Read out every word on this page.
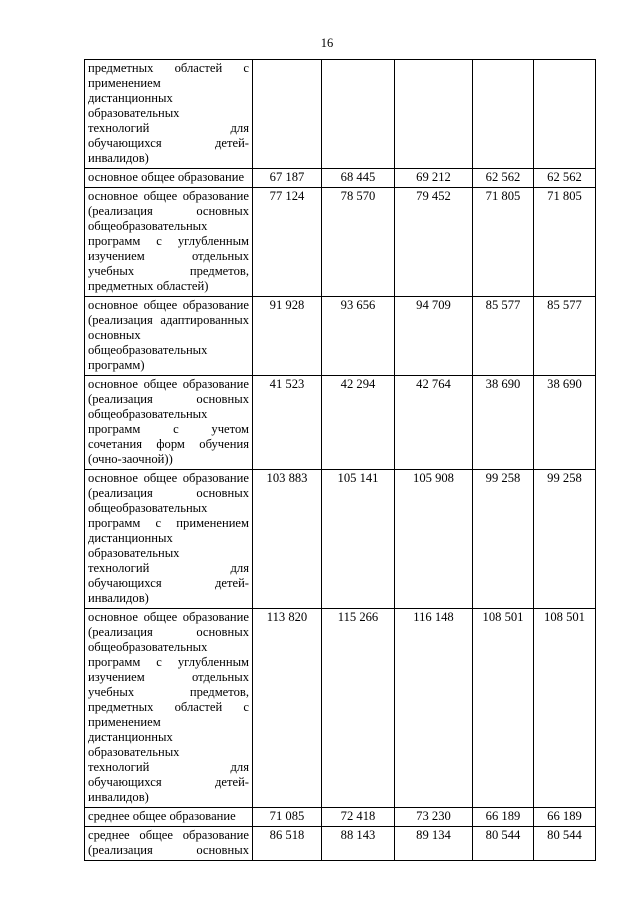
16
предметных областей с
применением
дистанционных
образовательных
технологий для
обучающихся детей-
инвалидов)

основное общее образование	67 187	68 445	69 212	62 562	62 562

основное общее образование
(реализация основных
общеобразовательных
программ с углубленным
изучением отдельных
учебных предметов,
предметных областей)
	77 124	78 570	79 452	71 805	71 805

основное общее образование
(реализация адаптированных
основных
общеобразовательных
программ)	91 928	93 656	94 709	85 577	85 577

основное общее образование
(реализация основных
общеобразовательных
программ с учетом
сочетания форм обучения
(очно-заочной))
	41 523	42 294	42 764	38 690	38 690

основное общее образование
(реализация основных
общеобразовательных
программ с применением
дистанционных
образовательных
технологий для
обучающихся детей-
инвалидов)
	103 883	105 141	105 908	99 258	99 258

основное общее образование
(реализация основных
общеобразовательных
программ с углубленным
изучением отдельных
учебных предметов,
предметных областей с
применением
дистанционных
образовательных
технологий для
обучающихся детей-
инвалидов)
	113 820	115 266	116 148	108 501	108 501

среднее общее образование	71 085	72 418	73 230	66 189	66 189

среднее общее образование
(реализация основных	86 518	88 143	89 134	80 544	80 544
